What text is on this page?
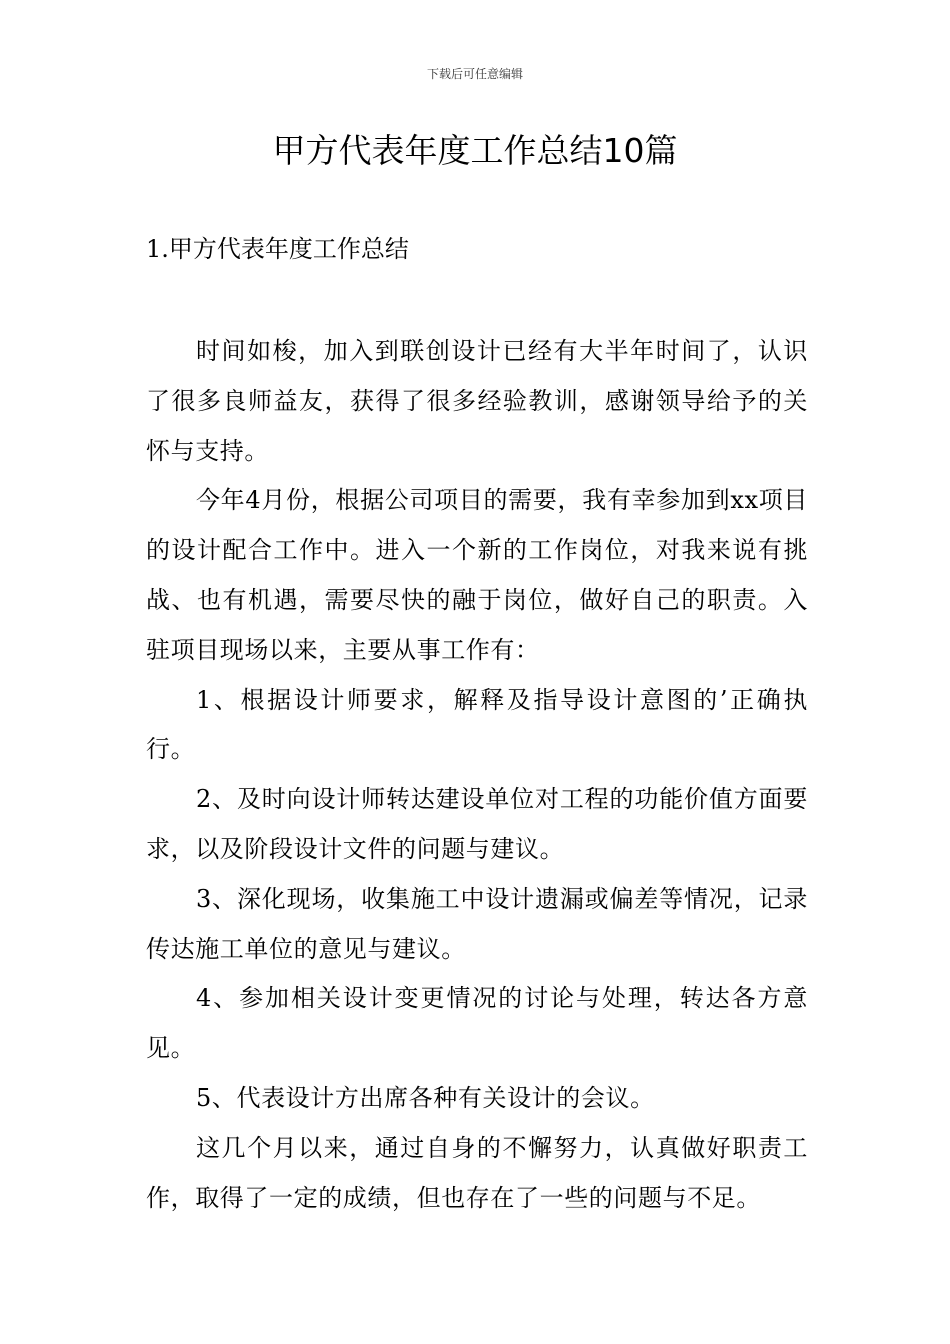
下载后可任意编辑
甲方代表年度工作总结10篇
1.甲方代表年度工作总结

时间如梭，加入到联创设计已经有大半年时间了，认识了很多良师益友，获得了很多经验教训，感谢领导给予的关怀与支持。

今年4月份，根据公司项目的需要，我有幸参加到xx项目的设计配合工作中。进入一个新的工作岗位，对我来说有挑战、也有机遇，需要尽快的融于岗位，做好自己的职责。入驻项目现场以来，主要从事工作有：

1、根据设计师要求，解释及指导设计意图的’正确执行。

2、及时向设计师转达建设单位对工程的功能价值方面要求，以及阶段设计文件的问题与建议。

3、深化现场，收集施工中设计遗漏或偏差等情况，记录传达施工单位的意见与建议。

4、参加相关设计变更情况的讨论与处理，转达各方意见。

5、代表设计方出席各种有关设计的会议。

这几个月以来，通过自身的不懈努力，认真做好职责工作，取得了一定的成绩，但也存在了一些的问题与不足。
